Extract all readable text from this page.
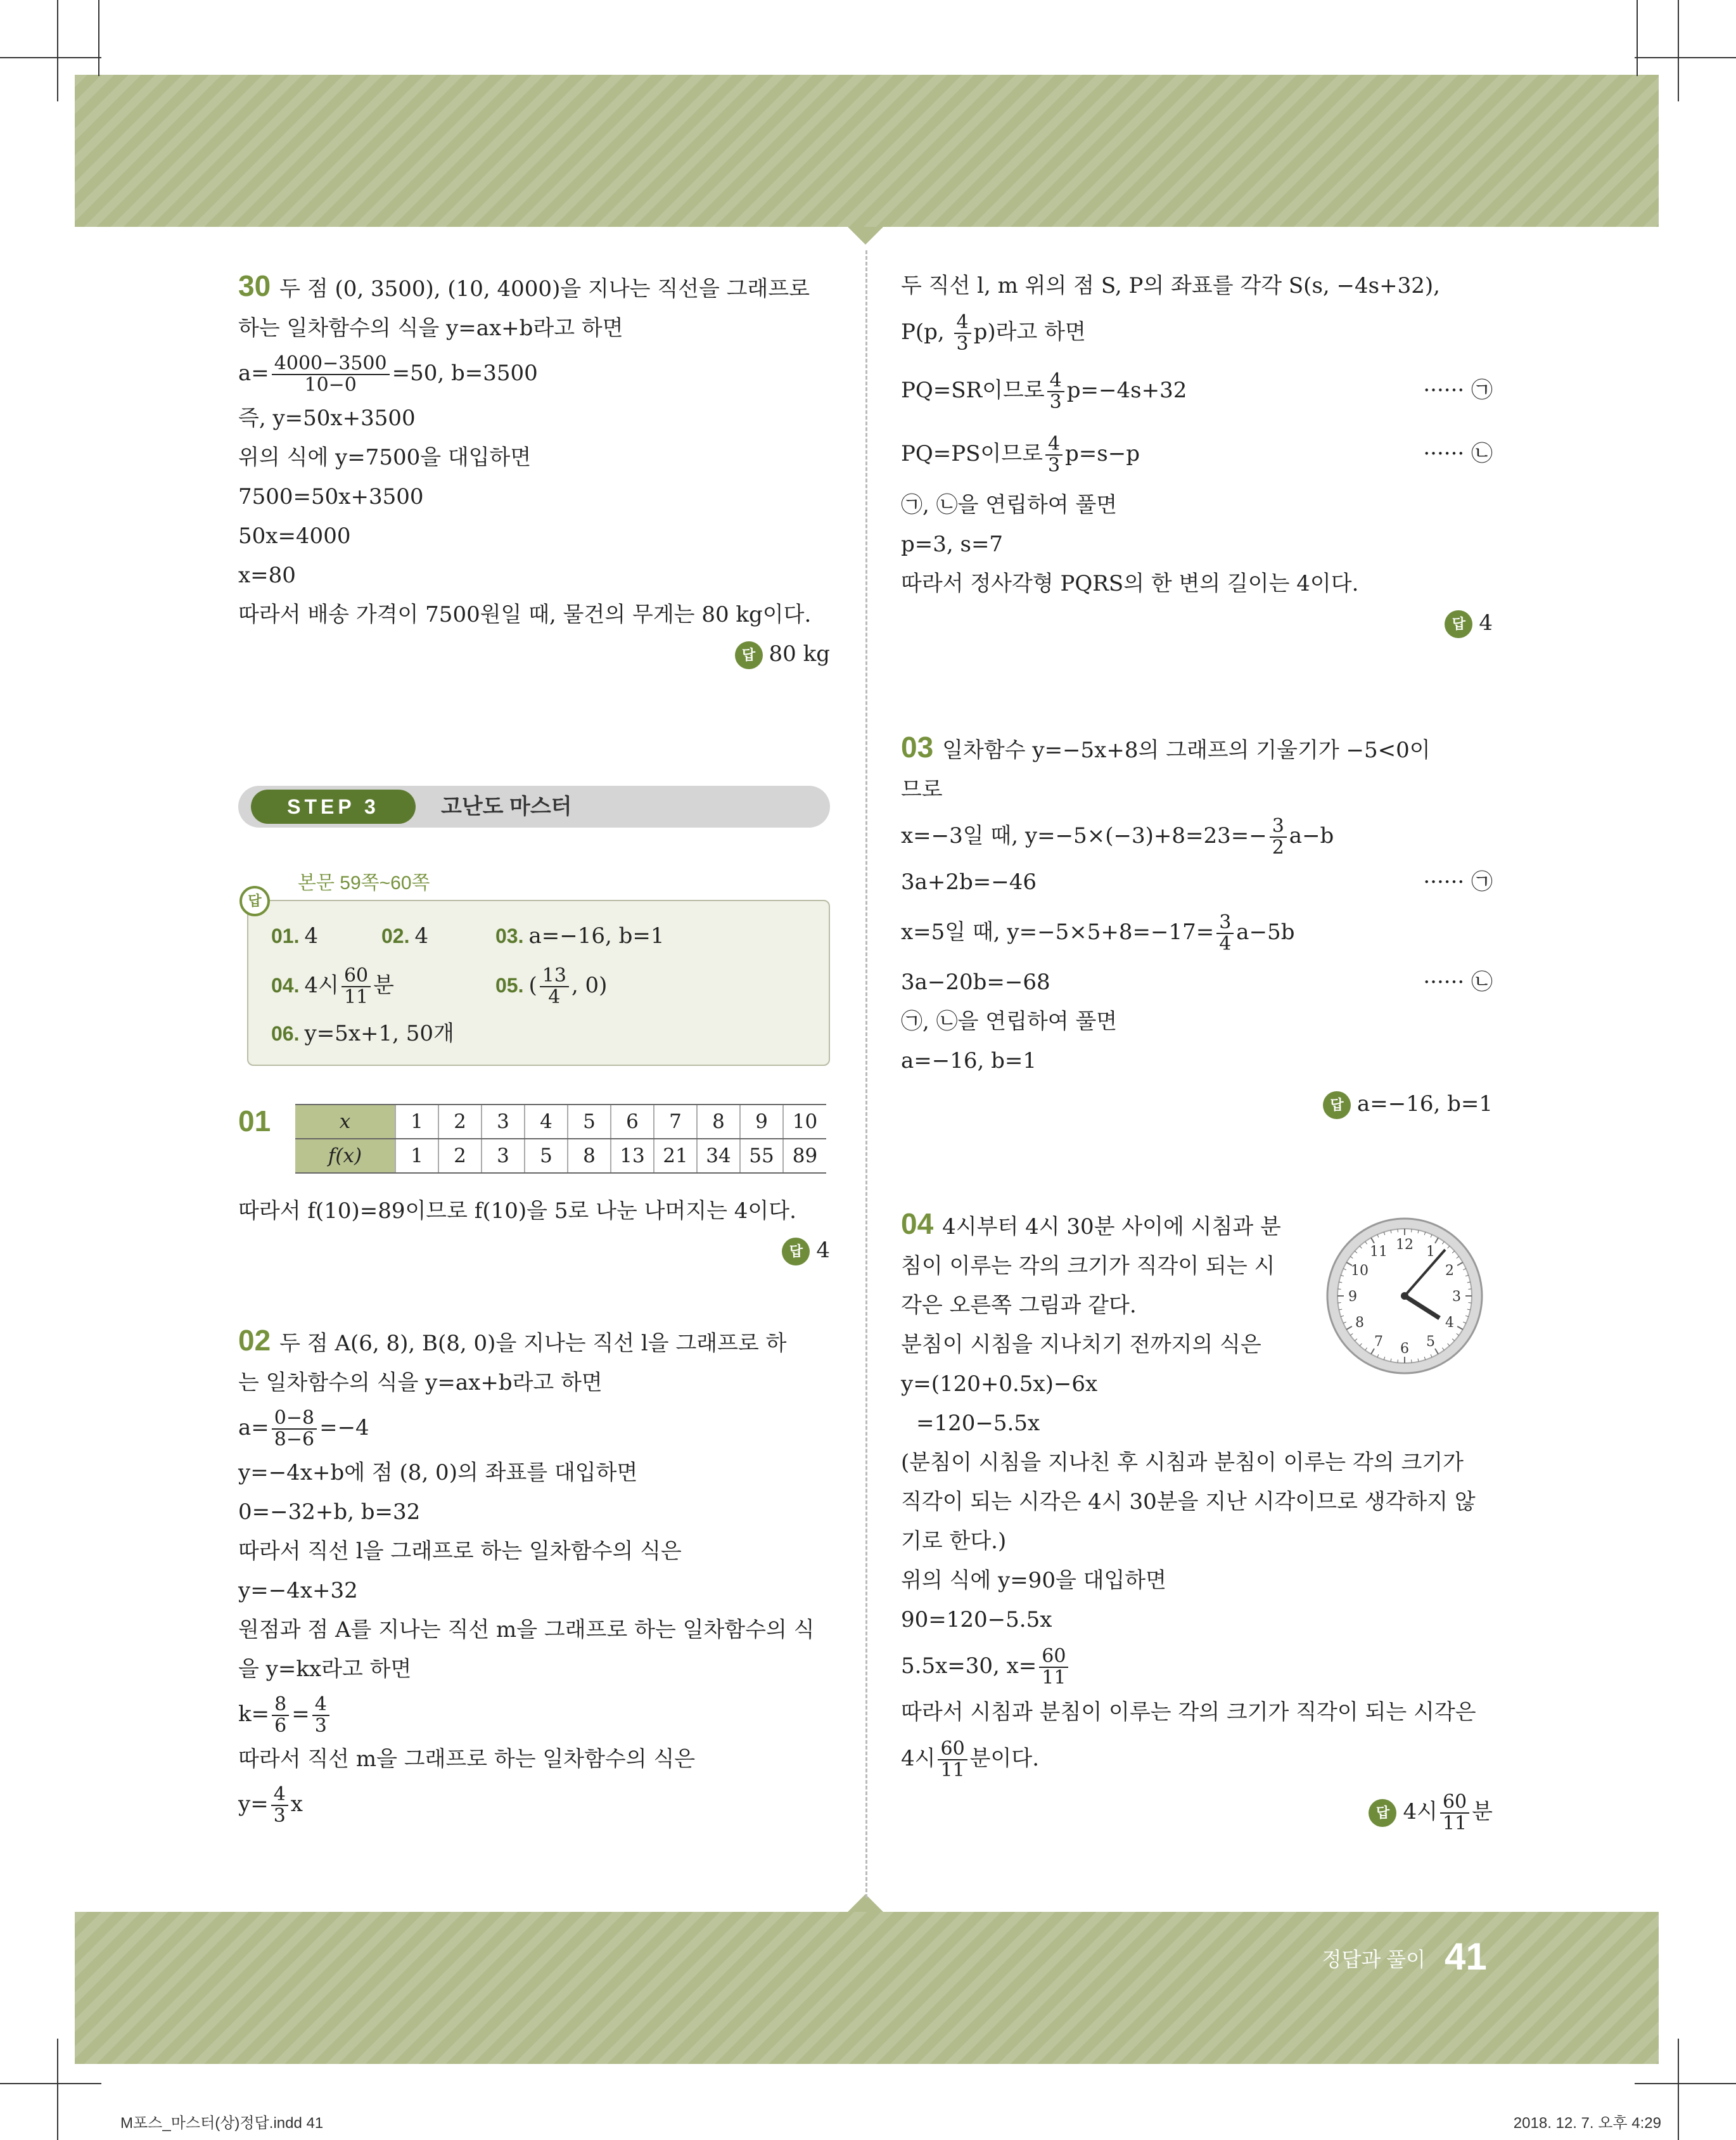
30 두 점 (0, 3500), (10, 4000)을 지나는 직선을 그래프로
하는 일차함수의 식을 y=ax+b라고 하면
$a= \frac{4000-3500}{10-0} =50$, b=3500
즉, y=50x+3500
위의 식에 y=7500을 대입하면
7500=50x+3500
50x=4000
x=80
따라서 배송 가격이 7500원일 때, 물건의 무게는 80 kg이다.
답 80 kg
STEP 3	고난도 마스터
본문 59쪽~60쪽
01. 4	02. 4	03. a=−16, b=1
04. 4시 $\frac{60}{11}$ 분	05. ( $\frac{13}{4}$ , 0)
06. y=5x+1, 50개
답
01	x	1	2	3	4	5	6	7	8	9	10
f(x)	1	2	3	5	8	13	21	34	55	89
따라서 f(10)=89이므로 f(10)을 5로 나눈 나머지는 4이다.
답 4
02 두 점 A(6, 8), B(8, 0)을 지나는 직선 l을 그래프로 하
는 일차함수의 식을 y=ax+b라고 하면
$a= \frac{0-8}{8-6} =-4$
y=−4x+b에 점 (8, 0)의 좌표를 대입하면
0=−32+b, b=32
따라서 직선 l을 그래프로 하는 일차함수의 식은
y=−4x+32
원점과 점 A를 지나는 직선 m을 그래프로 하는 일차함수의 식
을 y=kx라고 하면
$k= \frac{8}{6} = \frac{4}{3}$
따라서 직선 m을 그래프로 하는 일차함수의 식은
$y= \frac{4}{3}$ x
두 직선 l, m 위의 점 S, P의 좌표를 각각 S(s, −4s+32),
P(p, $\frac{4}{3} p$)라고 하면
PQ=SR이므로 $\frac{4}{3} p=-4s+32$	······ ㉠
PQ=PS이므로 $\frac{4}{3} p=s-p$	······ ㉡
㉠, ㉡을 연립하여 풀면
p=3, s=7
따라서 정사각형 PQRS의 한 변의 길이는 4이다.
답 4
03 일차함수 y=−5x+8의 그래프의 기울기가 −5<0이
므로
x=−3일 때, $y=-5\times(-3)+8=23=- \frac{3}{2} a-b$
3a+2b=−46	······ ㉠
x=5일 때, $y=-5\times 5+8=-17= \frac{3}{4} a-5b$
3a−20b=−68	······ ㉡
㉠, ㉡을 연립하여 풀면
a=−16, b=1
답 a=−16, b=1
04 4시부터 4시 30분 사이에 시침과 분
침이 이루는 각의 크기가 직각이 되는 시
각은 오른쪽 그림과 같다.
분침이 시침을 지나치기 전까지의 식은
y=(120+0.5x)−6x
=120−5.5x
(분침이 시침을 지나친 후 시침과 분침이 이루는 각의 크기가
직각이 되는 시각은 4시 30분을 지난 시각이므로 생각하지 않
기로 한다.)
위의 식에 y=90을 대입하면
90=120−5.5x
5.5x=30, $x= \frac{60}{11}$
따라서 시침과 분침이 이루는 각의 크기가 직각이 되는 시각은
4시 $\frac{60}{11}$ 분이다.
답 4시 $\frac{60}{11}$ 분
12 1
2
3
4
5
6
7
8
9
10
11
정답과 풀이 41
M포스_마스터(상)정답.indd 41	2018. 12. 7. 오후 4:29
